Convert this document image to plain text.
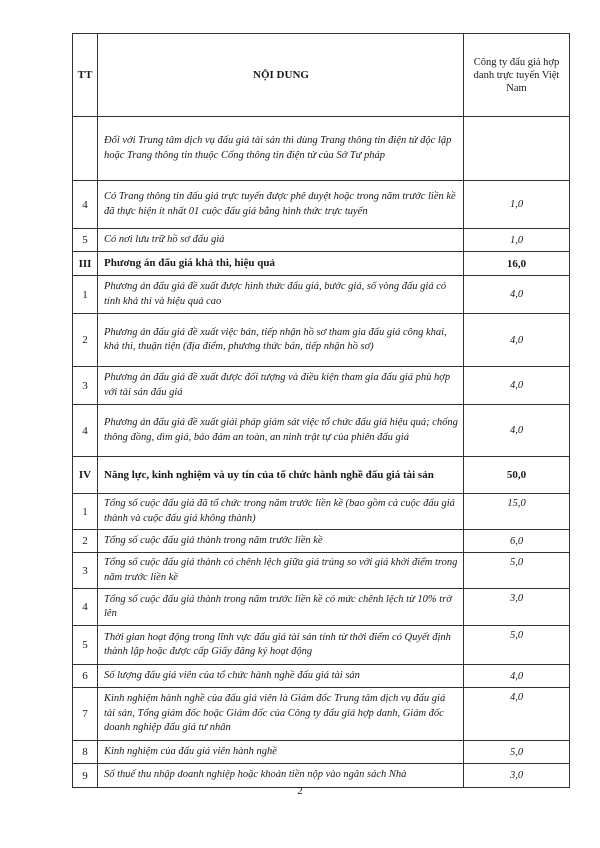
TT	NỘI DUNG	Công ty đấu giá hợp danh trực tuyến Việt Nam
	Đối với Trung tâm dịch vụ đấu giá tài sản thì dùng Trang thông tin điện tử độc lập hoặc Trang thông tin thuộc Cổng thông tin điện tử của Sở Tư pháp	
4	Có Trang thông tin đấu giá trực tuyến được phê duyệt hoặc trong năm trước liền kề đã thực hiện ít nhất 01 cuộc đấu giá bằng hình thức trực tuyến	1,0
5	Có nơi lưu trữ hồ sơ đấu giá	1,0
III	Phương án đấu giá khả thi, hiệu quả	16,0
1	Phương án đấu giá đề xuất được hình thức đấu giá, bước giá, số vòng đấu giá có tính khả thi và hiệu quả cao	4,0
2	Phương án đấu giá đề xuất việc bán, tiếp nhận hồ sơ tham gia đấu giá công khai, khả thi, thuận tiện (địa điểm, phương thức bán, tiếp nhận hồ sơ)	4,0
3	Phương án đấu giá đề xuất được đối tượng và điều kiện tham gia đấu giá phù hợp với tài sản đấu giá	4,0
4	Phương án đấu giá đề xuất giải pháp giám sát việc tổ chức đấu giá hiệu quả; chống thông đồng, dìm giá, bảo đảm an toàn, an ninh trật tự của phiên đấu giá	4,0
IV	Năng lực, kinh nghiệm và uy tín của tổ chức hành nghề đấu giá tài sản	50,0
1	Tổng số cuộc đấu giá đã tổ chức trong năm trước liền kề (bao gồm cả cuộc đấu giá thành và cuộc đấu giá không thành)	15,0
2	Tổng số cuộc đấu giá thành trong năm trước liền kề	6,0
3	Tổng số cuộc đấu giá thành có chênh lệch giữa giá trúng so với giá khởi điểm trong năm trước liền kề	5,0
4	Tổng số cuộc đấu giá thành trong năm trước liền kề có mức chênh lệch từ 10% trở lên	3,0
5	Thời gian hoạt động trong lĩnh vực đấu giá tài sản tính từ thời điểm có Quyết định thành lập hoặc được cấp Giấy đăng ký hoạt động	5,0
6	Số lượng đấu giá viên của tổ chức hành nghề đấu giá tài sản	4,0
7	Kinh nghiệm hành nghề của đấu giá viên là Giám đốc Trung tâm dịch vụ đấu giá tài sản, Tổng giám đốc hoặc Giám đốc của Công ty đấu giá hợp danh, Giám đốc doanh nghiệp đấu giá tư nhân	4,0
8	Kinh nghiệm của đấu giá viên hành nghề	5,0
9	Số thuế thu nhập doanh nghiệp hoặc khoản tiền nộp vào ngân sách Nhà	3,0
2
